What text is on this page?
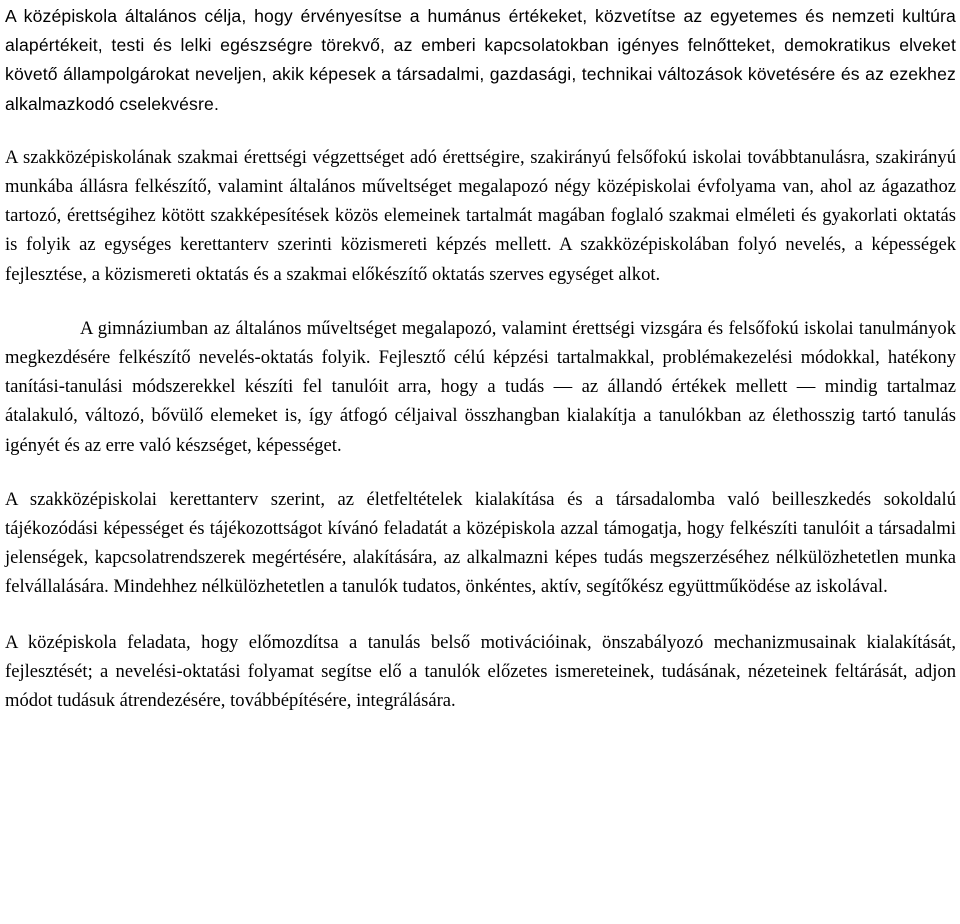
A középiskola általános célja, hogy érvényesítse a humánus értékeket, közvetítse az egyetemes és nemzeti kultúra alapértékeit, testi és lelki egészségre törekvő, az emberi kapcsolatokban igényes felnőtteket, demokratikus elveket követő állampolgárokat neveljen, akik képesek a társadalmi, gazdasági, technikai változások követésére és az ezekhez alkalmazkodó cselekvésre.

A szakközépiskolának szakmai érettségi végzettséget adó érettségire, szakirányú felsőfokú iskolai továbbtanulásra, szakirányú munkába állásra felkészítő, valamint általános műveltséget megalapozó négy középiskolai évfolyama van, ahol az ágazathoz tartozó, érettségihez kötött szakképesítések közös elemeinek tartalmát magában foglaló szakmai elméleti és gyakorlati oktatás is folyik az egységes kerettanterv szerinti közismereti képzés mellett. A szakközépiskolában folyó nevelés, a képességek fejlesztése, a közismereti oktatás és a szakmai előkészítő oktatás szerves egységet alkot.

A gimnáziumban az általános műveltséget megalapozó, valamint érettségi vizsgára és felsőfokú iskolai tanulmányok megkezdésére felkészítő nevelés-oktatás folyik. Fejlesztő célú képzési tartalmakkal, problémakezelési módokkal, hatékony tanítási-tanulási módszerekkel készíti fel tanulóit arra, hogy a tudás — az állandó értékek mellett — mindig tartalmaz átalakuló, változó, bővülő elemeket is, így átfogó céljaival összhangban kialakítja a tanulókban az élethosszig tartó tanulás igényét és az erre való készséget, képességet.

A szakközépiskolai kerettanterv szerint, az életfeltételek kialakítása és a társadalomba való beilleszkedés sokoldalú tájékozódási képességet és tájékozottságot kívánó feladatát a középiskola azzal támogatja, hogy felkészíti tanulóit a társadalmi jelenségek, kapcsolatrendszerek megértésére, alakítására, az alkalmazni képes tudás megszerzéséhez nélkülözhetetlen munka felvállalására. Mindehhez nélkülözhetetlen a tanulók tudatos, önkéntes, aktív, segítőkész együttműködése az iskolával.

A középiskola feladata, hogy előmozdítsa a tanulás belső motivációinak, önszabályozó mechanizmusainak kialakítását, fejlesztését; a nevelési-oktatási folyamat segítse elő a tanulók előzetes ismereteinek, tudásának, nézeteinek feltárását, adjon módot tudásuk átrendezésére, továbbépítésére, integrálására.
